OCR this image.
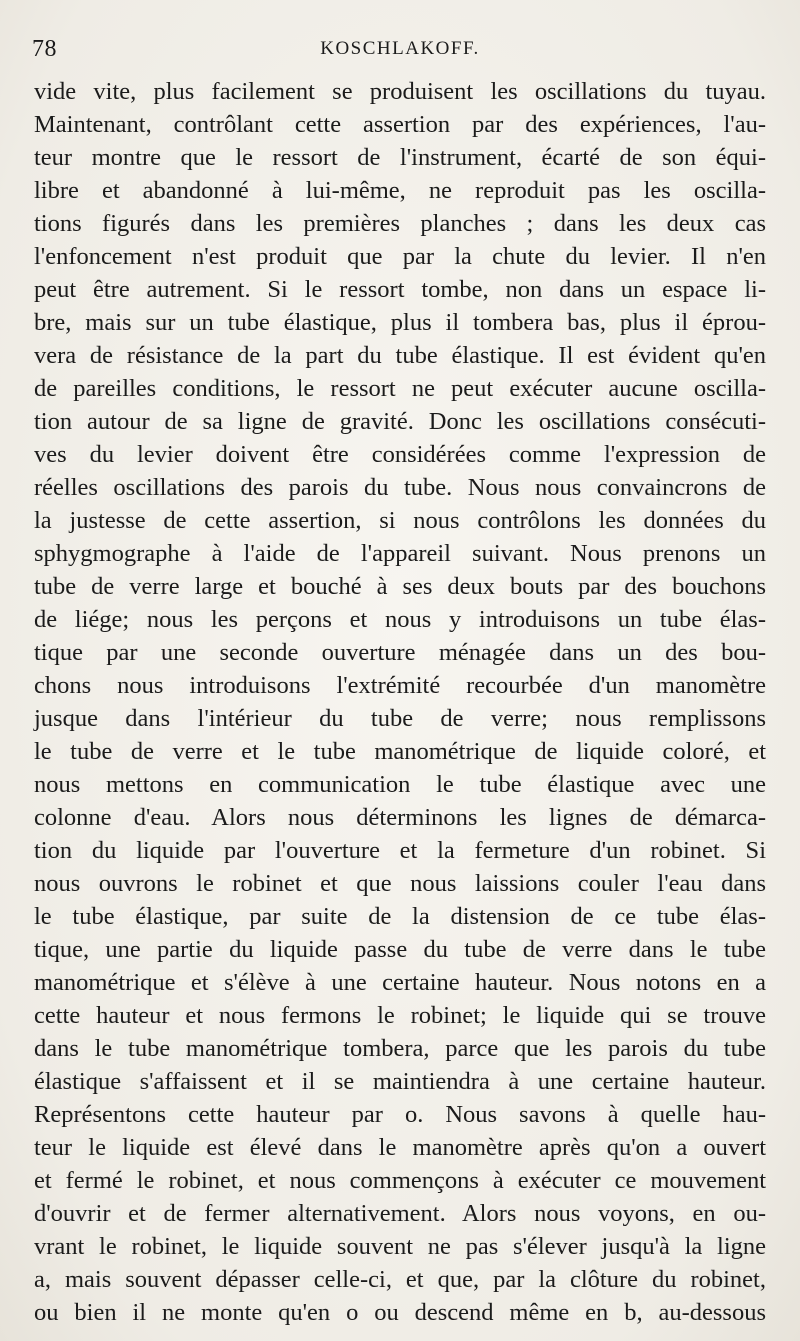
78	KOSCHLAKOFF.
vide vite, plus facilement se produisent les oscillations du tuyau.
Maintenant, contrôlant cette assertion par des expériences, l'au-
teur montre que le ressort de l'instrument, écarté de son équi-
libre et abandonné à lui-même, ne reproduit pas les oscilla-
tions figurés dans les premières planches ; dans les deux cas
l'enfoncement n'est produit que par la chute du levier. Il n'en
peut être autrement. Si le ressort tombe, non dans un espace li-
bre, mais sur un tube élastique, plus il tombera bas, plus il éprou-
vera de résistance de la part du tube élastique. Il est évident qu'en
de pareilles conditions, le ressort ne peut exécuter aucune oscilla-
tion autour de sa ligne de gravité. Donc les oscillations consécuti-
ves du levier doivent être considérées comme l'expression de
réelles oscillations des parois du tube. Nous nous convaincrons de
la justesse de cette assertion, si nous contrôlons les données du
sphygmographe à l'aide de l'appareil suivant. Nous prenons un
tube de verre large et bouché à ses deux bouts par des bouchons
de liége; nous les perçons et nous y introduisons un tube élas-
tique par une seconde ouverture ménagée dans un des bou-
chons nous introduisons l'extrémité recourbée d'un manomètre
jusque dans l'intérieur du tube de verre; nous remplissons
le tube de verre et le tube manométrique de liquide coloré, et
nous mettons en communication le tube élastique avec une
colonne d'eau. Alors nous déterminons les lignes de démarca-
tion du liquide par l'ouverture et la fermeture d'un robinet. Si
nous ouvrons le robinet et que nous laissions couler l'eau dans
le tube élastique, par suite de la distension de ce tube élas-
tique, une partie du liquide passe du tube de verre dans le tube
manométrique et s'élève à une certaine hauteur. Nous notons en a
cette hauteur et nous fermons le robinet; le liquide qui se trouve
dans le tube manométrique tombera, parce que les parois du tube
élastique s'affaissent et il se maintiendra à une certaine hauteur.
Représentons cette hauteur par o. Nous savons à quelle hau-
teur le liquide est élevé dans le manomètre après qu'on a ouvert
et fermé le robinet, et nous commençons à exécuter ce mouvement
d'ouvrir et de fermer alternativement. Alors nous voyons, en ou-
vrant le robinet, le liquide souvent ne pas s'élever jusqu'à la ligne
a, mais souvent dépasser celle-ci, et que, par la clôture du robinet,
ou bien il ne monte qu'en o ou descend même en b, au-dessous
